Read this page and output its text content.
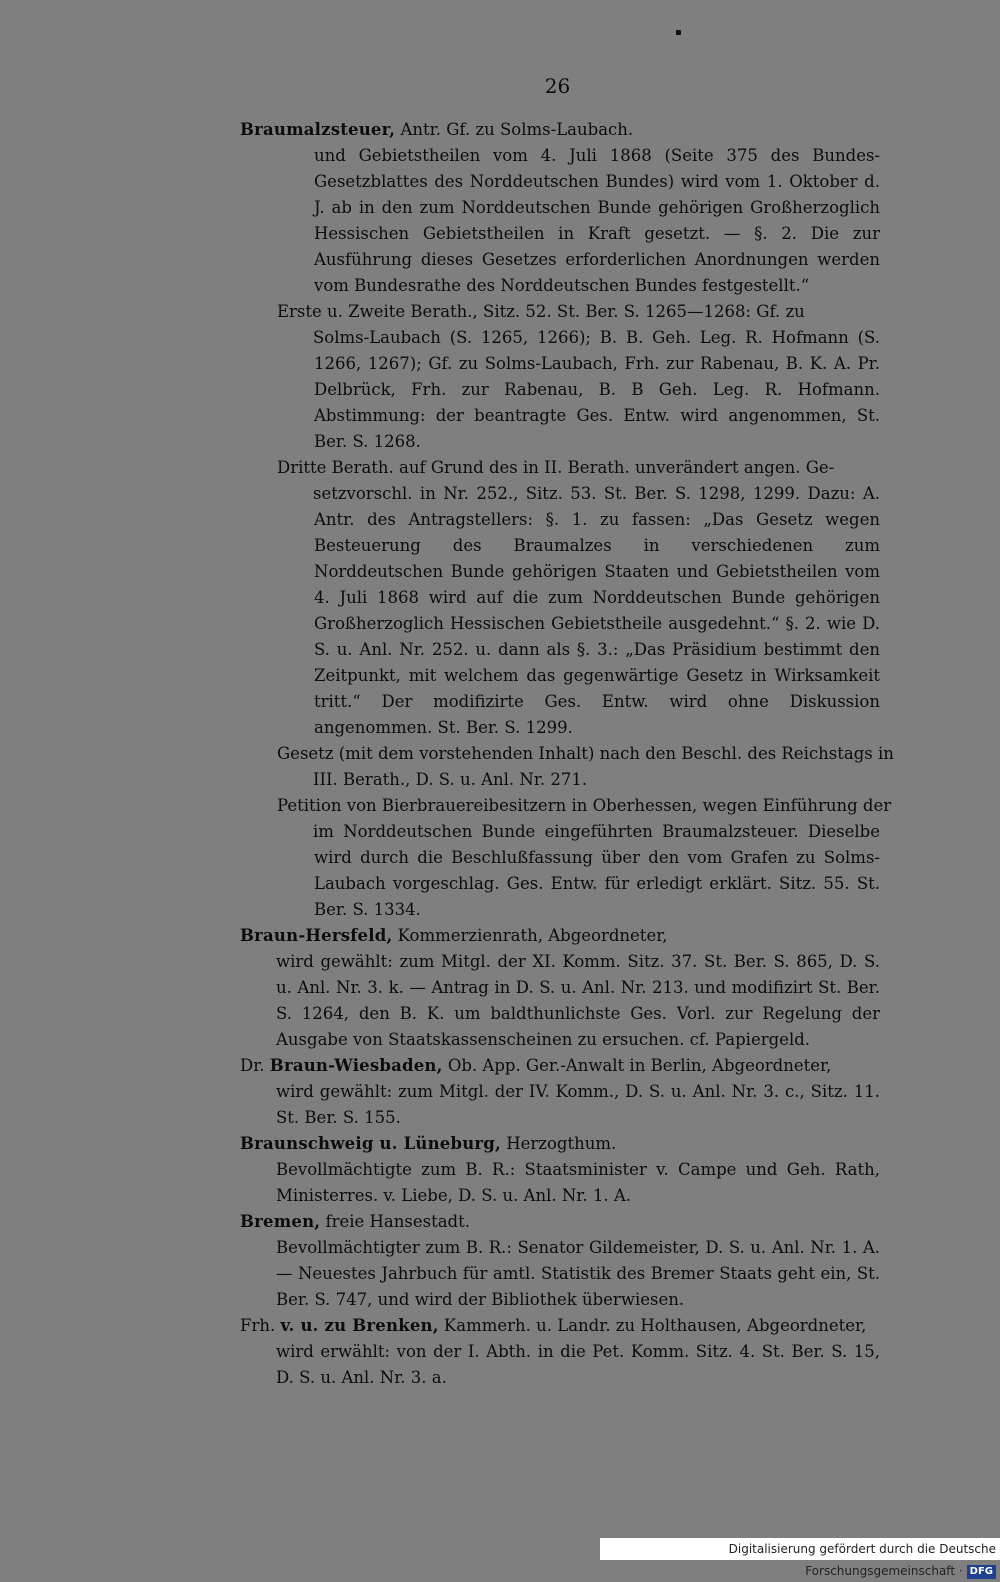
26
Braumalzsteuer, Antr. Gf. zu Solms-Laubach.
und Gebietstheilen vom 4. Juli 1868 (Seite 375 des Bundes-Gesetzblattes des Norddeutschen Bundes) wird vom 1. Oktober d. J. ab in den zum Norddeutschen Bunde gehörigen Großherzoglich Hessischen Gebietstheilen in Kraft gesetzt. — §. 2. Die zur Ausführung dieses Gesetzes erforderlichen Anordnungen werden vom Bundesrathe des Norddeutschen Bundes festgestellt.“
Erste u. Zweite Berath., Sitz. 52. St. Ber. S. 1265—1268: Gf. zu
Solms-Laubach (S. 1265, 1266); B. B. Geh. Leg. R. Hofmann (S. 1266, 1267); Gf. zu Solms-Laubach, Frh. zur Rabenau, B. K. A. Pr. Delbrück, Frh. zur Rabenau, B. B Geh. Leg. R. Hofmann. Abstimmung: der beantragte Ges. Entw. wird angenommen, St. Ber. S. 1268.
Dritte Berath. auf Grund des in II. Berath. unverändert angen. Ge-
setzvorschl. in Nr. 252., Sitz. 53. St. Ber. S. 1298, 1299. Dazu: A. Antr. des Antragstellers: §. 1. zu fassen: „Das Gesetz wegen Besteuerung des Braumalzes in verschiedenen zum Norddeutschen Bunde gehörigen Staaten und Gebietstheilen vom 4. Juli 1868 wird auf die zum Norddeutschen Bunde gehörigen Großherzoglich Hessischen Gebietstheile ausgedehnt.“ §. 2. wie D. S. u. Anl. Nr. 252. u. dann als §. 3.: „Das Präsidium bestimmt den Zeitpunkt, mit welchem das gegenwärtige Gesetz in Wirksamkeit tritt.“ Der modifizirte Ges. Entw. wird ohne Diskussion angenommen. St. Ber. S. 1299.
Gesetz (mit dem vorstehenden Inhalt) nach den Beschl. des Reichstags in
III. Berath., D. S. u. Anl. Nr. 271.
Petition von Bierbrauereibesitzern in Oberhessen, wegen Einführung der
im Norddeutschen Bunde eingeführten Braumalzsteuer. Dieselbe wird durch die Beschlußfassung über den vom Grafen zu Solms-Laubach vorgeschlag. Ges. Entw. für erledigt erklärt. Sitz. 55. St. Ber. S. 1334.
Braun-Hersfeld, Kommerzienrath, Abgeordneter,
wird gewählt: zum Mitgl. der XI. Komm. Sitz. 37. St. Ber. S. 865, D. S. u. Anl. Nr. 3. k. — Antrag in D. S. u. Anl. Nr. 213. und modifizirt St. Ber. S. 1264, den B. K. um baldthunlichste Ges. Vorl. zur Regelung der Ausgabe von Staatskassenscheinen zu ersuchen. cf. Papiergeld.
Dr. Braun-Wiesbaden, Ob. App. Ger.-Anwalt in Berlin, Abgeordneter,
wird gewählt: zum Mitgl. der IV. Komm., D. S. u. Anl. Nr. 3. c., Sitz. 11. St. Ber. S. 155.
Braunschweig u. Lüneburg, Herzogthum.
Bevollmächtigte zum B. R.: Staatsminister v. Campe und Geh. Rath, Ministerres. v. Liebe, D. S. u. Anl. Nr. 1. A.
Bremen, freie Hansestadt.
Bevollmächtigter zum B. R.: Senator Gildemeister, D. S. u. Anl. Nr. 1. A. — Neuestes Jahrbuch für amtl. Statistik des Bremer Staats geht ein, St. Ber. S. 747, und wird der Bibliothek überwiesen.
Frh. v. u. zu Brenken, Kammerh. u. Landr. zu Holthausen, Abgeordneter,
wird erwählt: von der I. Abth. in die Pet. Komm. Sitz. 4. St. Ber. S. 15, D. S. u. Anl. Nr. 3. a.
Digitalisierung gefördert durch die Deutsche Forschungsgemeinschaft · DFG
